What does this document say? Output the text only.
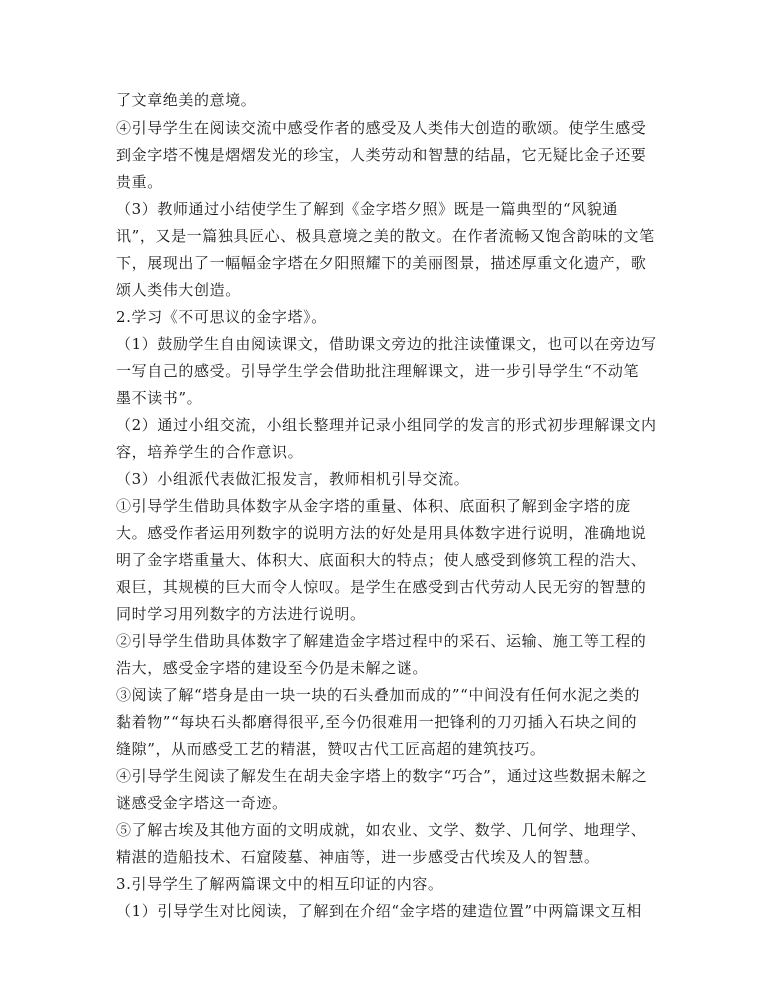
了文章绝美的意境。
④引导学生在阅读交流中感受作者的感受及人类伟大创造的歌颂。使学生感受
到金字塔不愧是熠熠发光的珍宝，人类劳动和智慧的结晶，它无疑比金子还要
贵重。
（3）教师通过小结使学生了解到《金字塔夕照》既是一篇典型的“风貌通
讯”，又是一篇独具匠心、极具意境之美的散文。在作者流畅又饱含韵味的文笔
下，展现出了一幅幅金字塔在夕阳照耀下的美丽图景，描述厚重文化遗产，歌
颂人类伟大创造。
2.学习《不可思议的金字塔》。
（1）鼓励学生自由阅读课文，借助课文旁边的批注读懂课文，也可以在旁边写
一写自己的感受。引导学生学会借助批注理解课文，进一步引导学生“不动笔
墨不读书”。
（2）通过小组交流，小组长整理并记录小组同学的发言的形式初步理解课文内
容，培养学生的合作意识。
（3）小组派代表做汇报发言，教师相机引导交流。
①引导学生借助具体数字从金字塔的重量、体积、底面积了解到金字塔的庞
大。感受作者运用列数字的说明方法的好处是用具体数字进行说明，准确地说
明了金字塔重量大、体积大、底面积大的特点；使人感受到修筑工程的浩大、
艰巨，其规模的巨大而令人惊叹。是学生在感受到古代劳动人民无穷的智慧的
同时学习用列数字的方法进行说明。
②引导学生借助具体数字了解建造金字塔过程中的采石、运输、施工等工程的
浩大，感受金字塔的建设至今仍是未解之谜。
③阅读了解“塔身是由一块一块的石头叠加而成的”“中间没有任何水泥之类的
黏着物”“每块石头都磨得很平,至今仍很难用一把锋利的刀刃插入石块之间的
缝隙”，从而感受工艺的精湛，赞叹古代工匠高超的建筑技巧。
④引导学生阅读了解发生在胡夫金字塔上的数字“巧合”，通过这些数据未解之
谜感受金字塔这一奇迹。
⑤了解古埃及其他方面的文明成就，如农业、文学、数学、几何学、地理学、
精湛的造船技术、石窟陵墓、神庙等，进一步感受古代埃及人的智慧。
3.引导学生了解两篇课文中的相互印证的内容。
（1）引导学生对比阅读，了解到在介绍“金字塔的建造位置”中两篇课文互相
